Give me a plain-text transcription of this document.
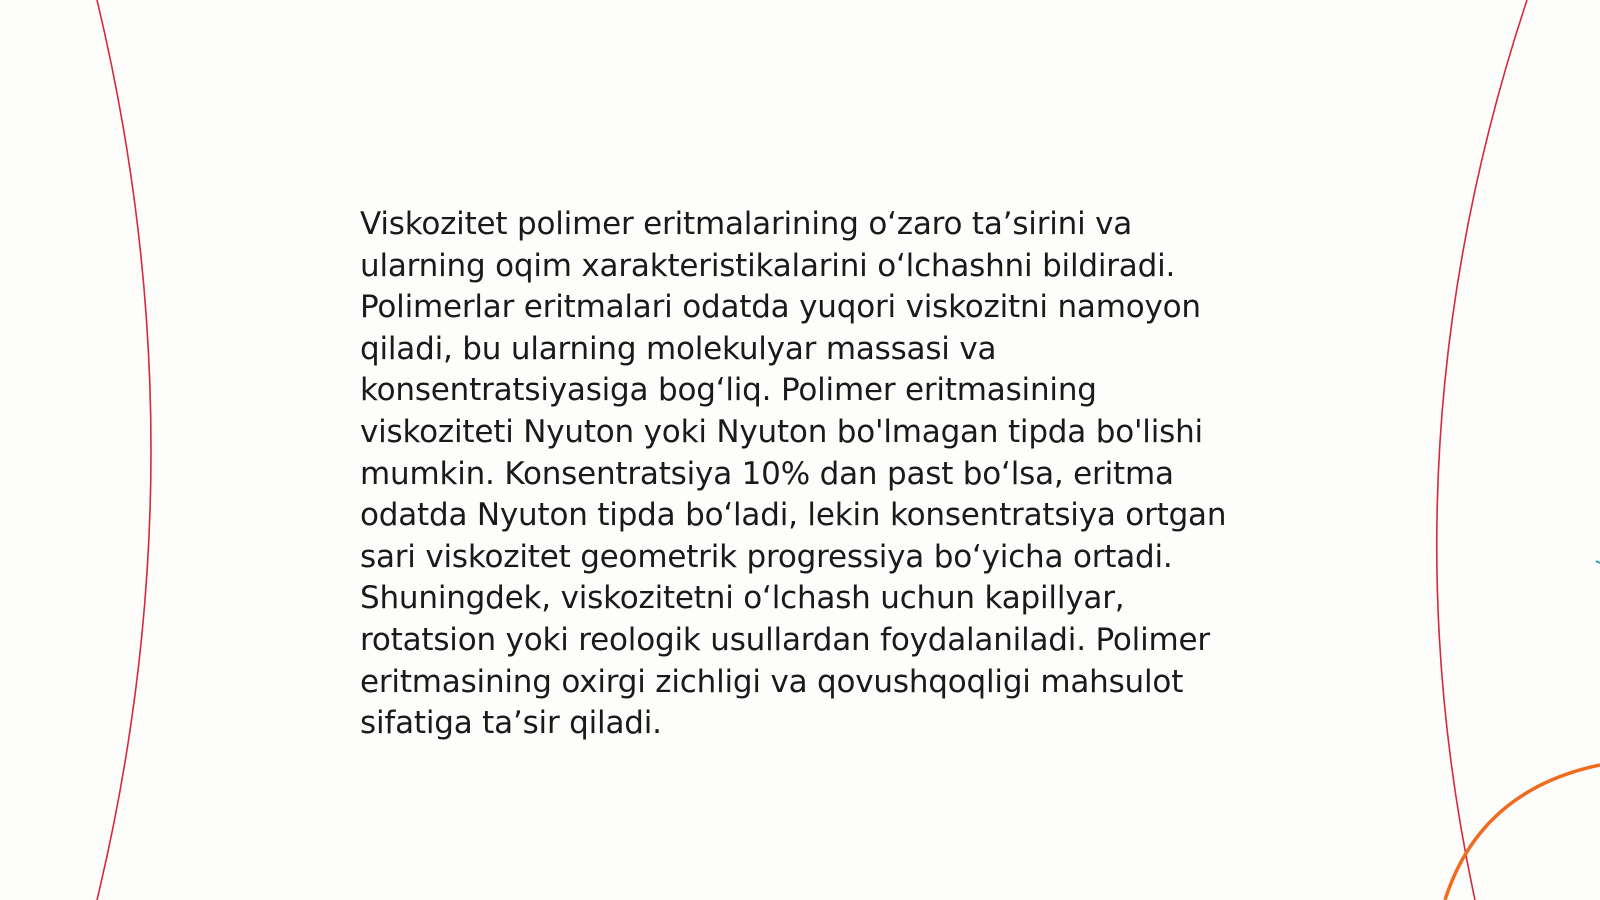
Viskozitet polimer eritmalarining o‘zaro ta’sirini va ularning oqim xarakteristikalarini o‘lchashni bildiradi. Polimerlar eritmalari odatda yuqori viskozitni namoyon qiladi, bu ularning molekulyar massasi va konsentratsiyasiga bog‘liq. Polimer eritmasining viskoziteti Nyuton yoki Nyuton bo'lmagan tipda bo'lishi mumkin. Konsentratsiya 10% dan past bo‘lsa, eritma odatda Nyuton tipda bo‘ladi, lekin konsentratsiya ortgan sari viskozitet geometrik progressiya bo‘yicha ortadi. Shuningdek, viskozitetni o‘lchash uchun kapillyar, rotatsion yoki reologik usullardan foydalaniladi. Polimer eritmasining oxirgi zichligi va qovushqoqligi mahsulot sifatiga ta’sir qiladi.
